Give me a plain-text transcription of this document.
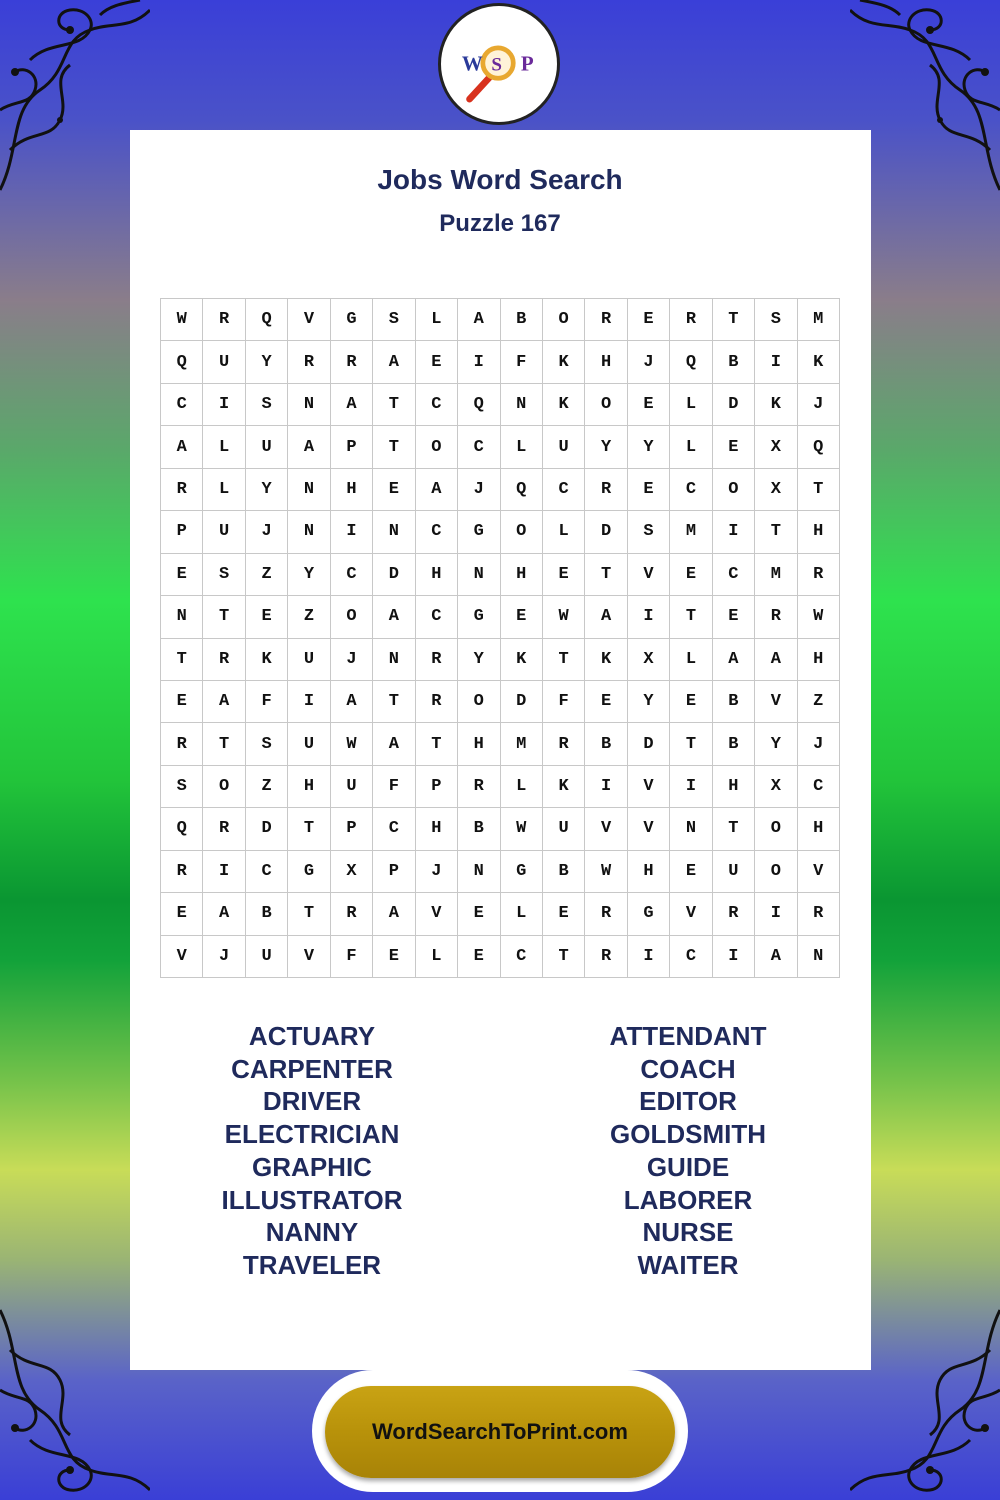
W S P
Jobs Word Search
Puzzle 167
W	R	Q	V	G	S	L	A	B	O	R	E	R	T	S	M
Q	U	Y	R	R	A	E	I	F	K	H	J	Q	B	I	K
C	I	S	N	A	T	C	Q	N	K	O	E	L	D	K	J
A	L	U	A	P	T	O	C	L	U	Y	Y	L	E	X	Q
R	L	Y	N	H	E	A	J	Q	C	R	E	C	O	X	T
P	U	J	N	I	N	C	G	O	L	D	S	M	I	T	H
E	S	Z	Y	C	D	H	N	H	E	T	V	E	C	M	R
N	T	E	Z	O	A	C	G	E	W	A	I	T	E	R	W
T	R	K	U	J	N	R	Y	K	T	K	X	L	A	A	H
E	A	F	I	A	T	R	O	D	F	E	Y	E	B	V	Z
R	T	S	U	W	A	T	H	M	R	B	D	T	B	Y	J
S	O	Z	H	U	F	P	R	L	K	I	V	I	H	X	C
Q	R	D	T	P	C	H	B	W	U	V	V	N	T	O	H
R	I	C	G	X	P	J	N	G	B	W	H	E	U	O	V
E	A	B	T	R	A	V	E	L	E	R	G	V	R	I	R
V	J	U	V	F	E	L	E	C	T	R	I	C	I	A	N
ACTUARY
CARPENTER
DRIVER
ELECTRICIAN
GRAPHIC
ILLUSTRATOR
NANNY
TRAVELER
ATTENDANT
COACH
EDITOR
GOLDSMITH
GUIDE
LABORER
NURSE
WAITER
WordSearchToPrint.com
